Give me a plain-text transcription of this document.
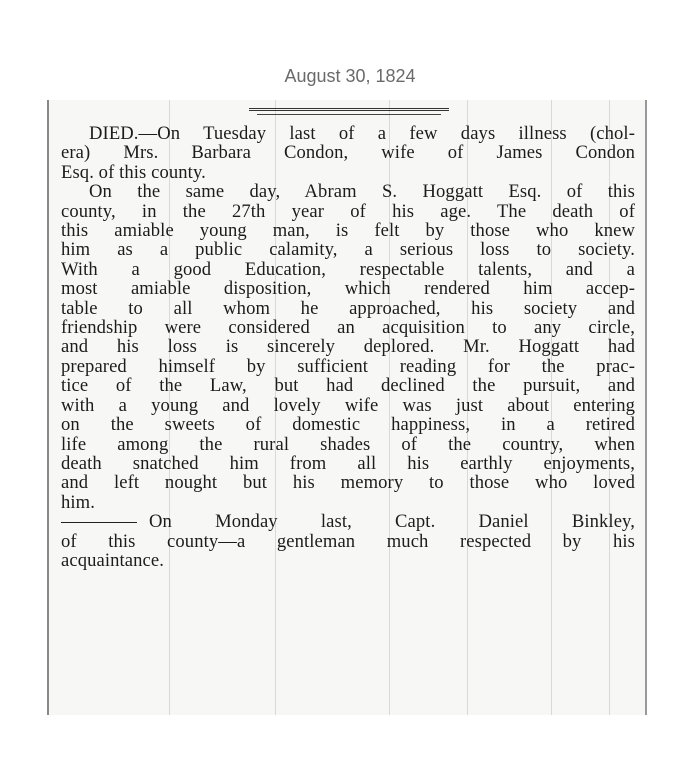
August 30, 1824
DIED.—On Tuesday last of a few days illness (chol-
era) Mrs. Barbara Condon, wife of James Condon
Esq. of this county.
On the same day, Abram S. Hoggatt Esq. of this
county, in the 27th year of his age. The death of
this amiable young man, is felt by those who knew
him as a public calamity, a serious loss to society.
With a good Education, respectable talents, and a
most amiable disposition, which rendered him accep-
table to all whom he approached, his society and
friendship were considered an acquisition to any circle,
and his loss is sincerely deplored. Mr. Hoggatt had
prepared himself by sufficient reading for the prac-
tice of the Law, but had declined the pursuit, and
with a young and lovely wife was just about entering
on the sweets of domestic happiness, in a retired
life among the rural shades of the country, when
death snatched him from all his earthly enjoyments,
and left nought but his memory to those who loved
him.
On Monday last, Capt. Daniel Binkley,
of this county—a gentleman much respected by his
acquaintance.
